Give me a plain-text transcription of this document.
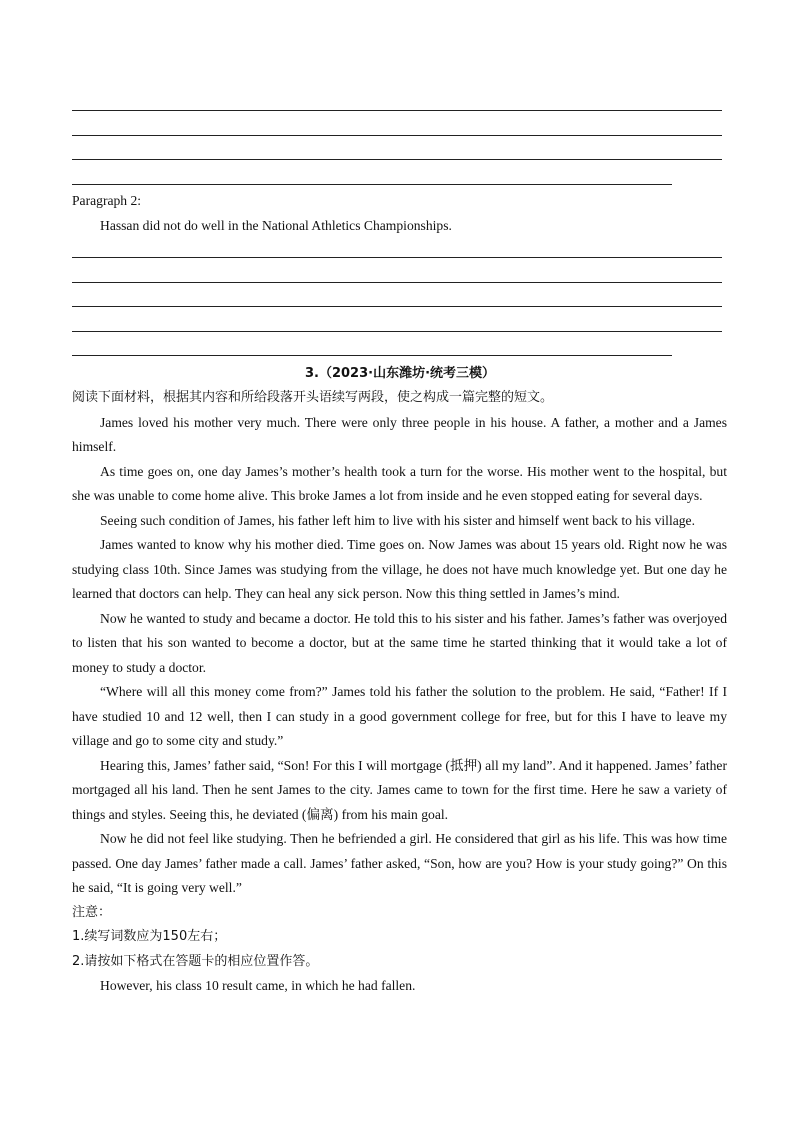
Paragraph 2:
Hassan did not do well in the National Athletics Championships.
3.（2023·山东潍坊·统考三模）

阅读下面材料，根据其内容和所给段落开头语续写两段，使之构成一篇完整的短文。

James loved his mother very much. There were only three people in his house. A father, a mother and a James himself.

As time goes on, one day James’s mother’s health took a turn for the worse. His mother went to the hospital, but she was unable to come home alive. This broke James a lot from inside and he even stopped eating for several days.

Seeing such condition of James, his father left him to live with his sister and himself went back to his village.

James wanted to know why his mother died. Time goes on. Now James was about 15 years old. Right now he was studying class 10th. Since James was studying from the village, he does not have much knowledge yet. But one day he learned that doctors can help. They can heal any sick person. Now this thing settled in James’s mind.

Now he wanted to study and became a doctor. He told this to his sister and his father. James’s father was overjoyed to listen that his son wanted to become a doctor, but at the same time he started thinking that it would take a lot of money to study a doctor.

“Where will all this money come from?” James told his father the solution to the problem. He said, “Father! If I have studied 10 and 12 well, then I can study in a good government college for free, but for this I have to leave my village and go to some city and study.”

Hearing this, James’ father said, “Son! For this I will mortgage (抵押) all my land”. And it happened. James’ father mortgaged all his land. Then he sent James to the city. James came to town for the first time. Here he saw a variety of things and styles. Seeing this, he deviated (偏离) from his main goal.

Now he did not feel like studying. Then he befriended a girl. He considered that girl as his life. This was how time passed. One day James’ father made a call. James’ father asked, “Son, how are you? How is your study going?” On this he said, “It is going very well.”

注意：

1.续写词数应为150左右；

2.请按如下格式在答题卡的相应位置作答。

However, his class 10 result came, in which he had fallen.
